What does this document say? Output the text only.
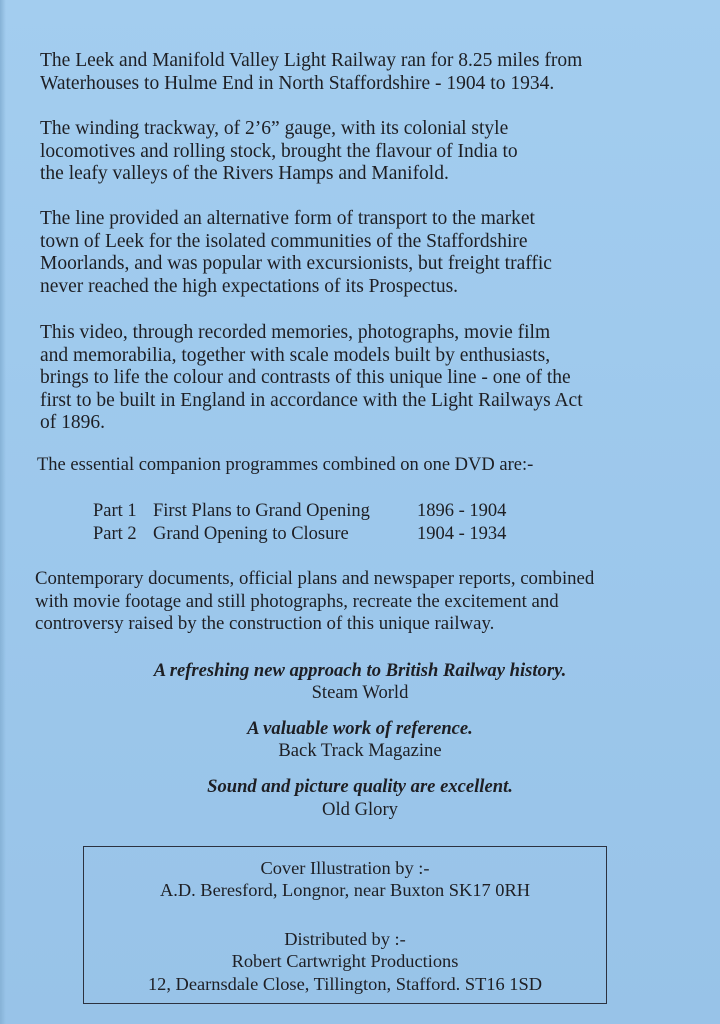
The Leek and Manifold Valley Light Railway ran for 8.25 miles from
Waterhouses to Hulme End in North Staffordshire - 1904 to 1934.

The winding trackway, of 2’6” gauge, with its colonial style
locomotives and rolling stock, brought the flavour of India to
the leafy valleys of the Rivers Hamps and Manifold.

The line provided an alternative form of transport to the market
town of Leek for the isolated communities of the Staffordshire
Moorlands, and was popular with excursionists, but freight traffic
never reached the high expectations of its Prospectus.

This video, through recorded memories, photographs, movie film
and memorabilia, together with scale models built by enthusiasts,
brings to life the colour and contrasts of this unique line - one of the
first to be built in England in accordance with the Light Railways Act
of 1896.

The essential companion programmes combined on one DVD are:-

Part 1 First Plans to Grand Opening	1896 - 1904
Part 2 Grand Opening to Closure	1904 - 1934

Contemporary documents, official plans and newspaper reports, combined
with movie footage and still photographs, recreate the excitement and
controversy raised by the construction of this unique railway.

A refreshing new approach to British Railway history.
Steam World
A valuable work of reference.
Back Track Magazine
Sound and picture quality are excellent.
Old Glory
Cover Illustration by :-
A.D. Beresford, Longnor, near Buxton SK17 0RH
Distributed by :-
Robert Cartwright Productions
12, Dearnsdale Close, Tillington, Stafford. ST16 1SD
